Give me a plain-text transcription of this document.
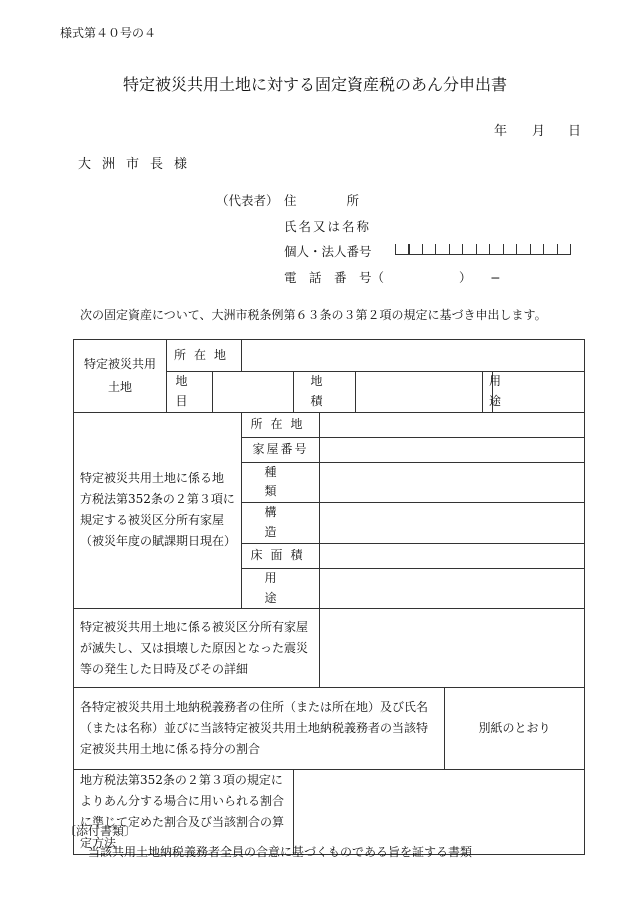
様式第４０号の４
特定被災共用土地に対する固定資産税のあん分申出書
年 月 日
大洲市長様
（代表者） 住　　　　所
氏名又は名称
個人・法人番号
電　話　番　号（　　　　　　）　　−
次の固定資産について、大洲市税条例第６３条の３第２項の規定に基づき申出します。
特定被災共用土地	所在地								
	地目			地積				用途	
特定被災共用土地に係る地方税法第352条の２第３項に規定する被災区分所有家屋（被災年度の賦課期日現在）			所在地						
			家屋番号						
			種類						
			構造						
			床面積						
			用途						
特定被災共用土地に係る被災区分所有家屋が滅失し、又は損壊した原因となった震災等の発生した日時及びその詳細									
各特定被災共用土地納税義務者の住所（または所在地）及び氏名（または名称）並びに当該特定被災共用土地納税義務者の当該特定被災共用土地に係る持分の割合							別紙のとおり		
地方税法第352条の２第３項の規定によりあん分する場合に用いられる割合に準じて定めた割合及び当該割合の算定方法									
〔添付書類〕
当該共用土地納税義務者全員の合意に基づくものである旨を証する書類
